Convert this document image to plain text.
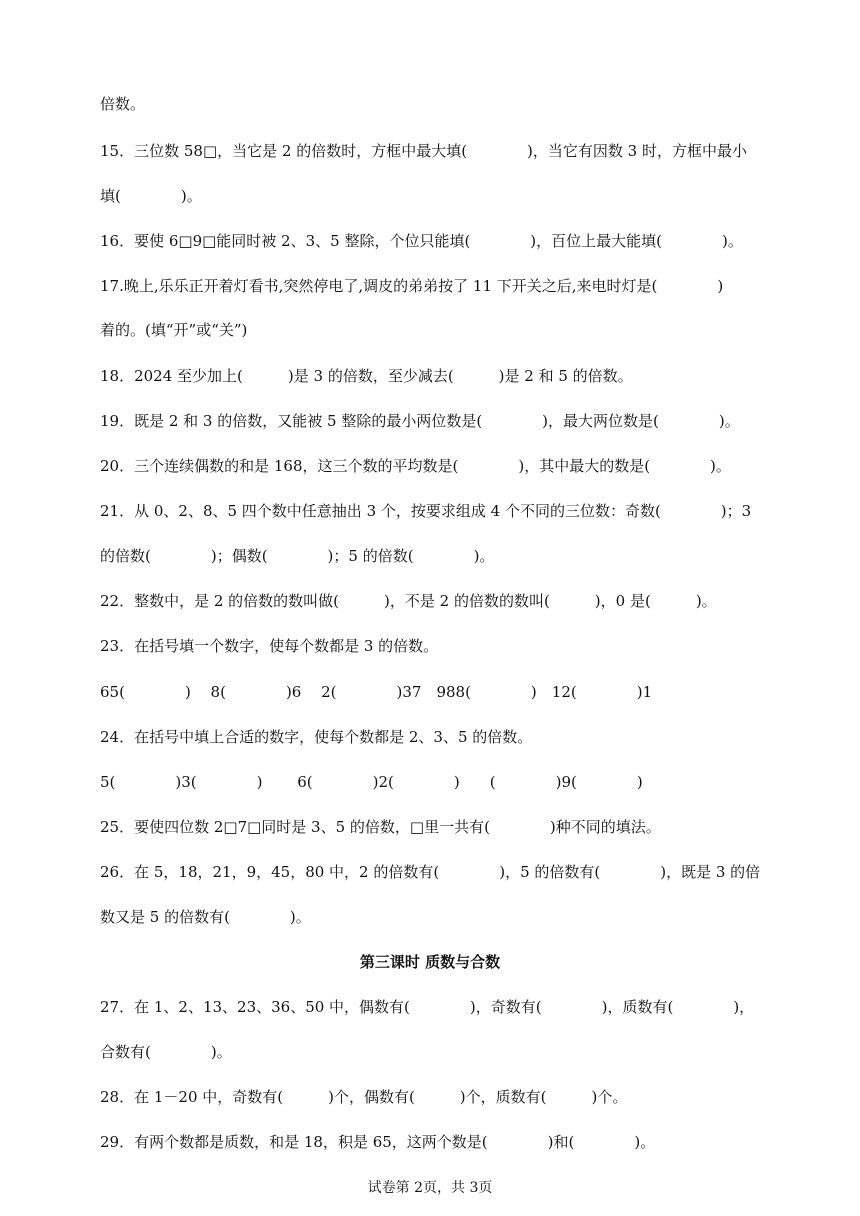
倍数。
15．三位数 58□，当它是 2 的倍数时，方框中最大填(　　　　)，当它有因数 3 时，方框中最小
填(　　　　)。
16．要使 6□9□能同时被 2、3、5 整除，个位只能填(　　　　)，百位上最大能填(　　　　)。
17.晚上,乐乐正开着灯看书,突然停电了,调皮的弟弟按了 11 下开关之后,来电时灯是(　　　　)
着的。(填“开”或“关”)
18．2024 至少加上(　　　)是 3 的倍数，至少减去(　　　)是 2 和 5 的倍数。
19．既是 2 和 3 的倍数，又能被 5 整除的最小两位数是(　　　　)，最大两位数是(　　　　)。
20．三个连续偶数的和是 168，这三个数的平均数是(　　　　)，其中最大的数是(　　　　)。
21．从 0、2、8、5 四个数中任意抽出 3 个，按要求组成 4 个不同的三位数：奇数(　　　　)；3
的倍数(　　　　)；偶数(　　　　)；5 的倍数(　　　　)。
22．整数中，是 2 的倍数的数叫做(　　　)，不是 2 的倍数的数叫(　　　)，0 是(　　　)。
23．在括号填一个数字，使每个数都是 3 的倍数。
65(　　　　)　 8(　　　　)6　 2(　　　　)37　988(　　　　)　12(　　　　)1
24．在括号中填上合适的数字，使每个数都是 2、3、5 的倍数。
5(　　　　)3(　　　　)　　 6(　　　　)2(　　　　)　　(　　　　)9(　　　　)
25．要使四位数 2□7□同时是 3、5 的倍数，□里一共有(　　　　)种不同的填法。
26．在 5，18，21，9，45，80 中，2 的倍数有(　　　　)，5 的倍数有(　　　　)，既是 3 的倍
数又是 5 的倍数有(　　　　)。
第三课时 质数与合数
27．在 1、2、13、23、36、50 中，偶数有(　　　　)，奇数有(　　　　)，质数有(　　　　)，
合数有(　　　　)。
28．在 1－20 中，奇数有(　　　)个，偶数有(　　　)个，质数有(　　　)个。
29．有两个数都是质数，和是 18，积是 65，这两个数是(　　　　)和(　　　　)。
试卷第 2页，共 3页
